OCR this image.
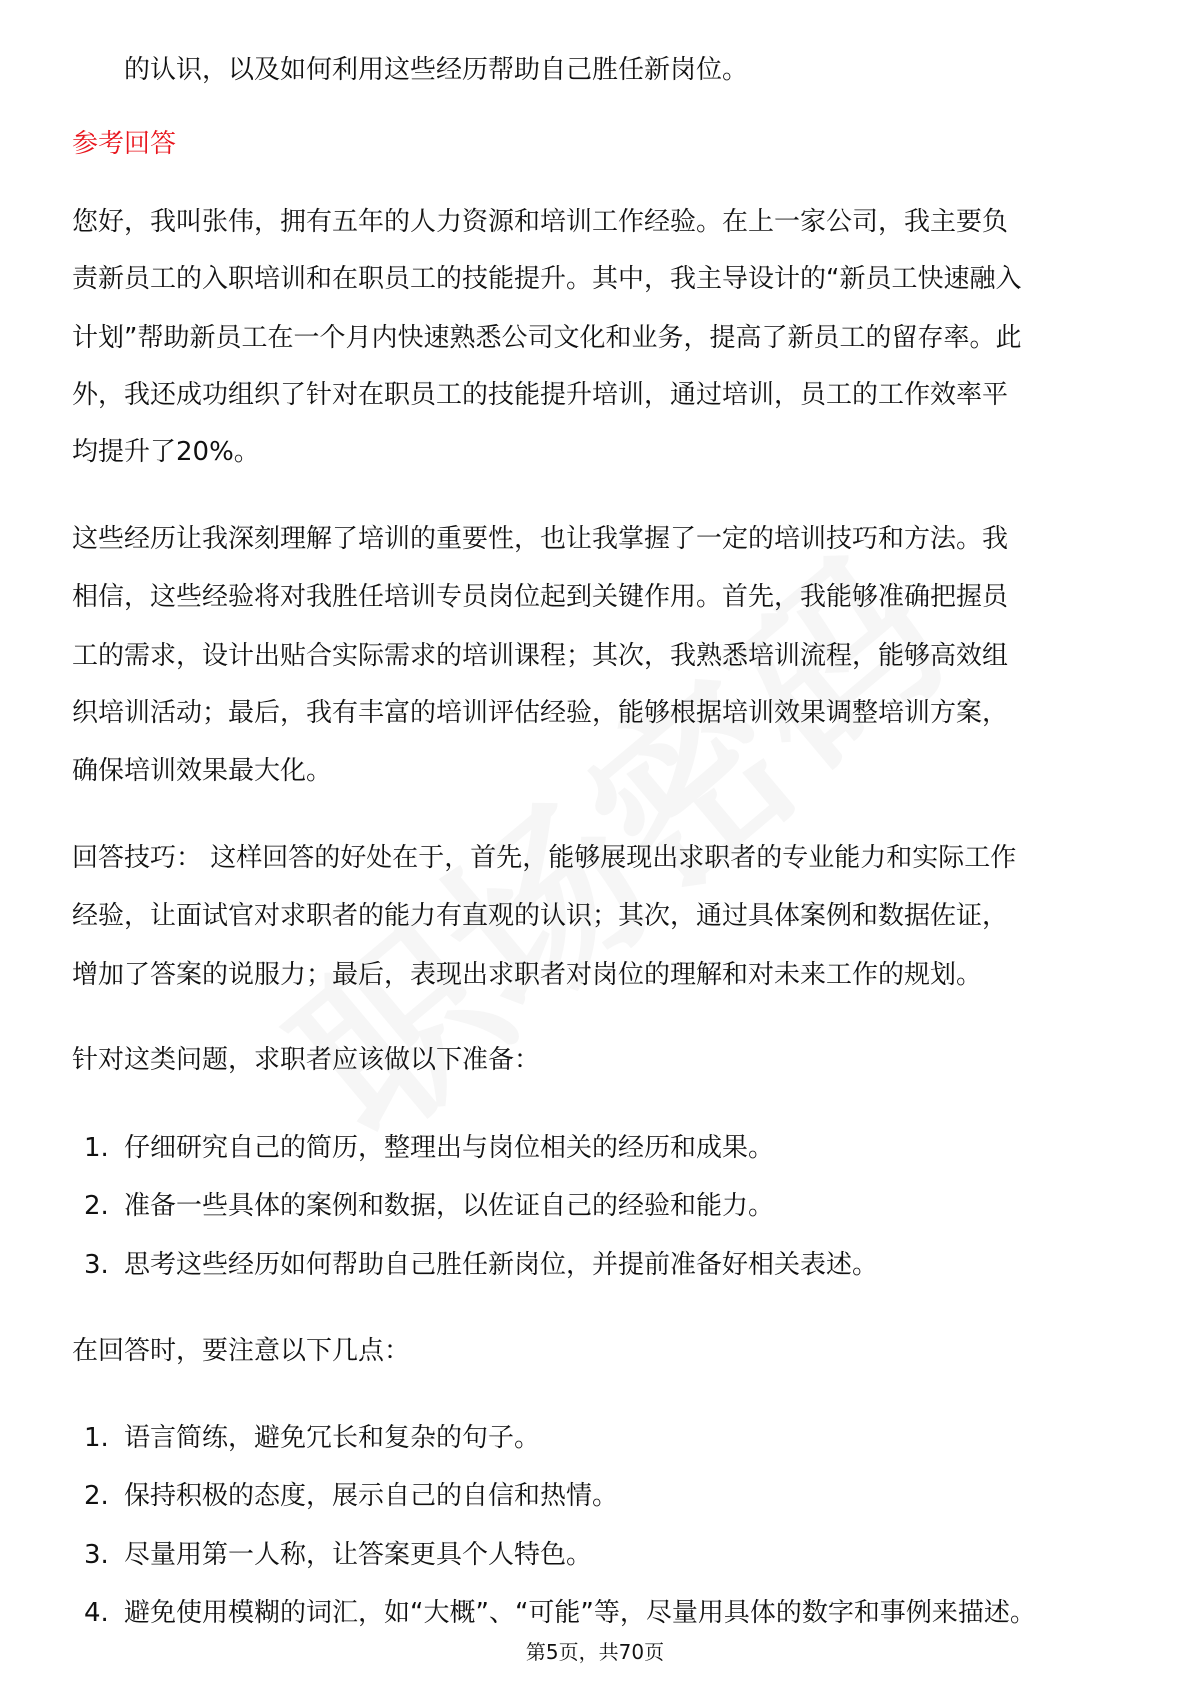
的认识，以及如何利用这些经历帮助自己胜任新岗位。
参考回答
您好，我叫张伟，拥有五年的人力资源和培训工作经验。在上一家公司，我主要负
责新员工的入职培训和在职员工的技能提升。其中，我主导设计的“新员工快速融入
计划”帮助新员工在一个月内快速熟悉公司文化和业务，提高了新员工的留存率。此
外，我还成功组织了针对在职员工的技能提升培训，通过培训，员工的工作效率平
均提升了20%。
这些经历让我深刻理解了培训的重要性，也让我掌握了一定的培训技巧和方法。我
相信，这些经验将对我胜任培训专员岗位起到关键作用。首先，我能够准确把握员
工的需求，设计出贴合实际需求的培训课程；其次，我熟悉培训流程，能够高效组
织培训活动；最后，我有丰富的培训评估经验，能够根据培训效果调整培训方案，
确保培训效果最大化。
回答技巧： 这样回答的好处在于，首先，能够展现出求职者的专业能力和实际工作
经验，让面试官对求职者的能力有直观的认识；其次，通过具体案例和数据佐证，
增加了答案的说服力；最后，表现出求职者对岗位的理解和对未来工作的规划。
针对这类问题，求职者应该做以下准备：
1. 仔细研究自己的简历，整理出与岗位相关的经历和成果。
2. 准备一些具体的案例和数据，以佐证自己的经验和能力。
3. 思考这些经历如何帮助自己胜任新岗位，并提前准备好相关表述。
在回答时，要注意以下几点：
1. 语言简练，避免冗长和复杂的句子。
2. 保持积极的态度，展示自己的自信和热情。
3. 尽量用第一人称，让答案更具个人特色。
4. 避免使用模糊的词汇，如“大概”、“可能”等，尽量用具体的数字和事例来描述。
第5页，共70页
